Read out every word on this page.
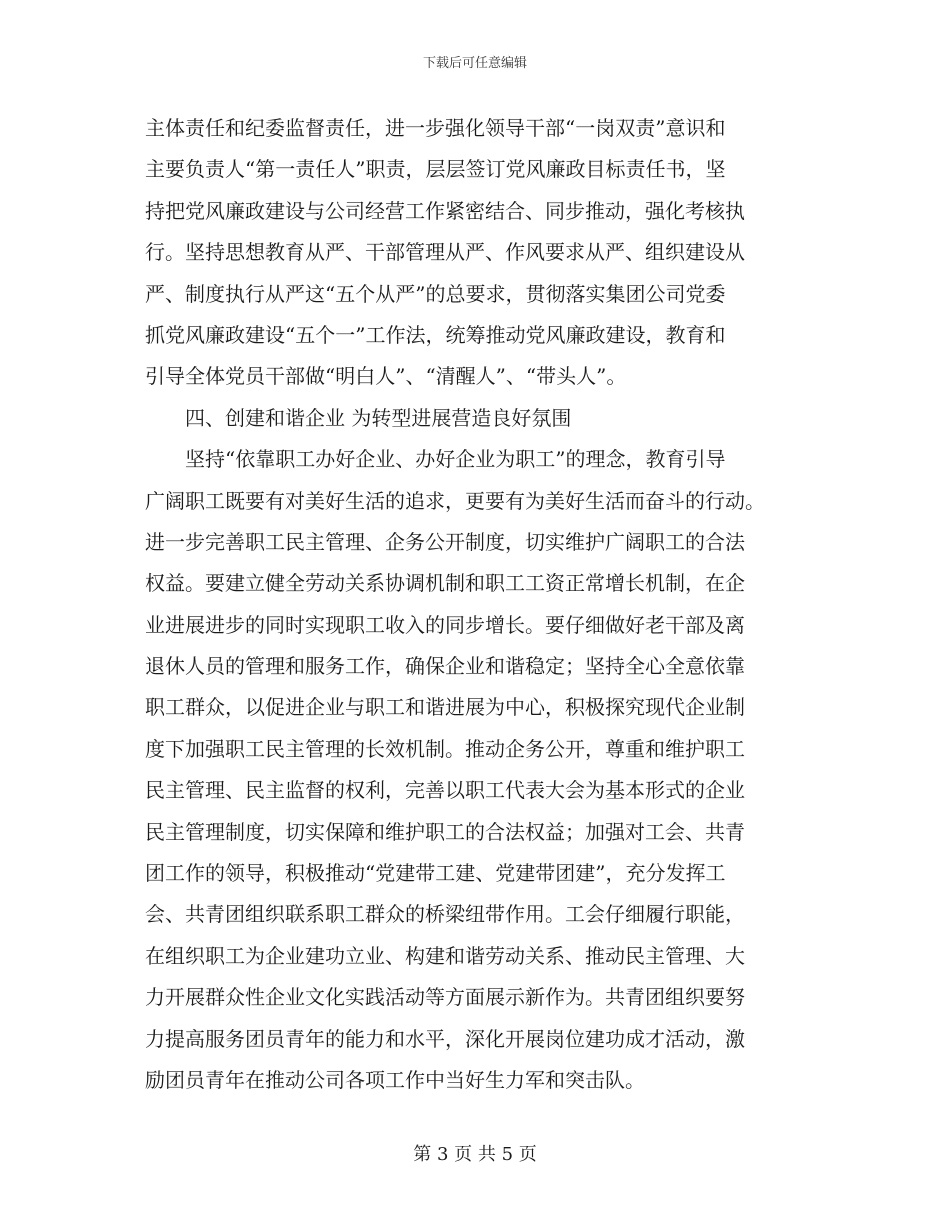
下载后可任意编辑
主体责任和纪委监督责任，进一步强化领导干部“一岗双责”意识和
主要负责人“第一责任人”职责，层层签订党风廉政目标责任书，坚
持把党风廉政建设与公司经营工作紧密结合、同步推动，强化考核执
行。坚持思想教育从严、干部管理从严、作风要求从严、组织建设从
严、制度执行从严这“五个从严”的总要求，贯彻落实集团公司党委
抓党风廉政建设“五个一”工作法，统筹推动党风廉政建设，教育和
引导全体党员干部做“明白人”、“清醒人”、“带头人”。
四、创建和谐企业 为转型进展营造良好氛围
坚持“依靠职工办好企业、办好企业为职工”的理念，教育引导
广阔职工既要有对美好生活的追求，更要有为美好生活而奋斗的行动。
进一步完善职工民主管理、企务公开制度，切实维护广阔职工的合法
权益。要建立健全劳动关系协调机制和职工工资正常增长机制，在企
业进展进步的同时实现职工收入的同步增长。要仔细做好老干部及离
退休人员的管理和服务工作，确保企业和谐稳定；坚持全心全意依靠
职工群众，以促进企业与职工和谐进展为中心，积极探究现代企业制
度下加强职工民主管理的长效机制。推动企务公开，尊重和维护职工
民主管理、民主监督的权利，完善以职工代表大会为基本形式的企业
民主管理制度，切实保障和维护职工的合法权益；加强对工会、共青
团工作的领导，积极推动“党建带工建、党建带团建”，充分发挥工
会、共青团组织联系职工群众的桥梁纽带作用。工会仔细履行职能，
在组织职工为企业建功立业、构建和谐劳动关系、推动民主管理、大
力开展群众性企业文化实践活动等方面展示新作为。共青团组织要努
力提高服务团员青年的能力和水平，深化开展岗位建功成才活动，激
励团员青年在推动公司各项工作中当好生力军和突击队。
第 3 页 共 5 页
